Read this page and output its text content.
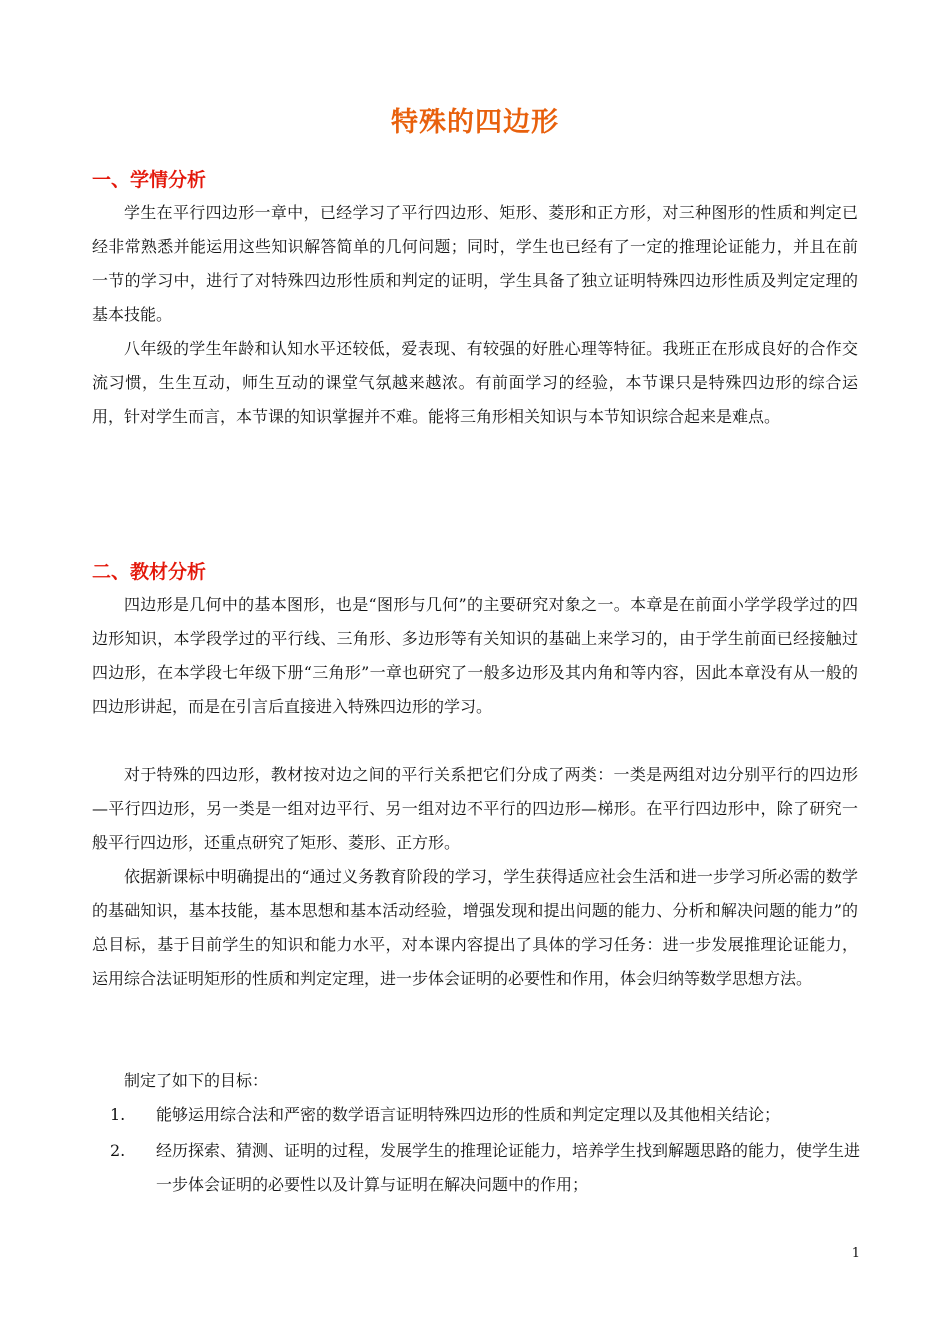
特殊的四边形
一、学情分析

学生在平行四边形一章中，已经学习了平行四边形、矩形、菱形和正方形，对三种图形的性质和判定已经非常熟悉并能运用这些知识解答简单的几何问题；同时，学生也已经有了一定的推理论证能力，并且在前一节的学习中，进行了对特殊四边形性质和判定的证明，学生具备了独立证明特殊四边形性质及判定定理的基本技能。

八年级的学生年龄和认知水平还较低，爱表现、有较强的好胜心理等特征。我班正在形成良好的合作交流习惯，生生互动，师生互动的课堂气氛越来越浓。有前面学习的经验，本节课只是特殊四边形的综合运用，针对学生而言，本节课的知识掌握并不难。能将三角形相关知识与本节知识综合起来是难点。

二、教材分析

四边形是几何中的基本图形，也是“图形与几何”的主要研究对象之一。本章是在前面小学学段学过的四边形知识，本学段学过的平行线、三角形、多边形等有关知识的基础上来学习的，由于学生前面已经接触过四边形，在本学段七年级下册“三角形”一章也研究了一般多边形及其内角和等内容，因此本章没有从一般的四边形讲起，而是在引言后直接进入特殊四边形的学习。

对于特殊的四边形，教材按对边之间的平行关系把它们分成了两类：一类是两组对边分别平行的四边形—平行四边形，另一类是一组对边平行、另一组对边不平行的四边形—梯形。在平行四边形中，除了研究一般平行四边形，还重点研究了矩形、菱形、正方形。

依据新课标中明确提出的“通过义务教育阶段的学习，学生获得适应社会生活和进一步学习所必需的数学的基础知识，基本技能，基本思想和基本活动经验，增强发现和提出问题的能力、分析和解决问题的能力”的总目标，基于目前学生的知识和能力水平，对本课内容提出了具体的学习任务：进一步发展推理论证能力，运用综合法证明矩形的性质和判定定理，进一步体会证明的必要性和作用，体会归纳等数学思想方法。

制定了如下的目标：

1. 能够运用综合法和严密的数学语言证明特殊四边形的性质和判定定理以及其他相关结论；
2. 经历探索、猜测、证明的过程，发展学生的推理论证能力，培养学生找到解题思路的能力，使学生进一步体会证明的必要性以及计算与证明在解决问题中的作用；
1
